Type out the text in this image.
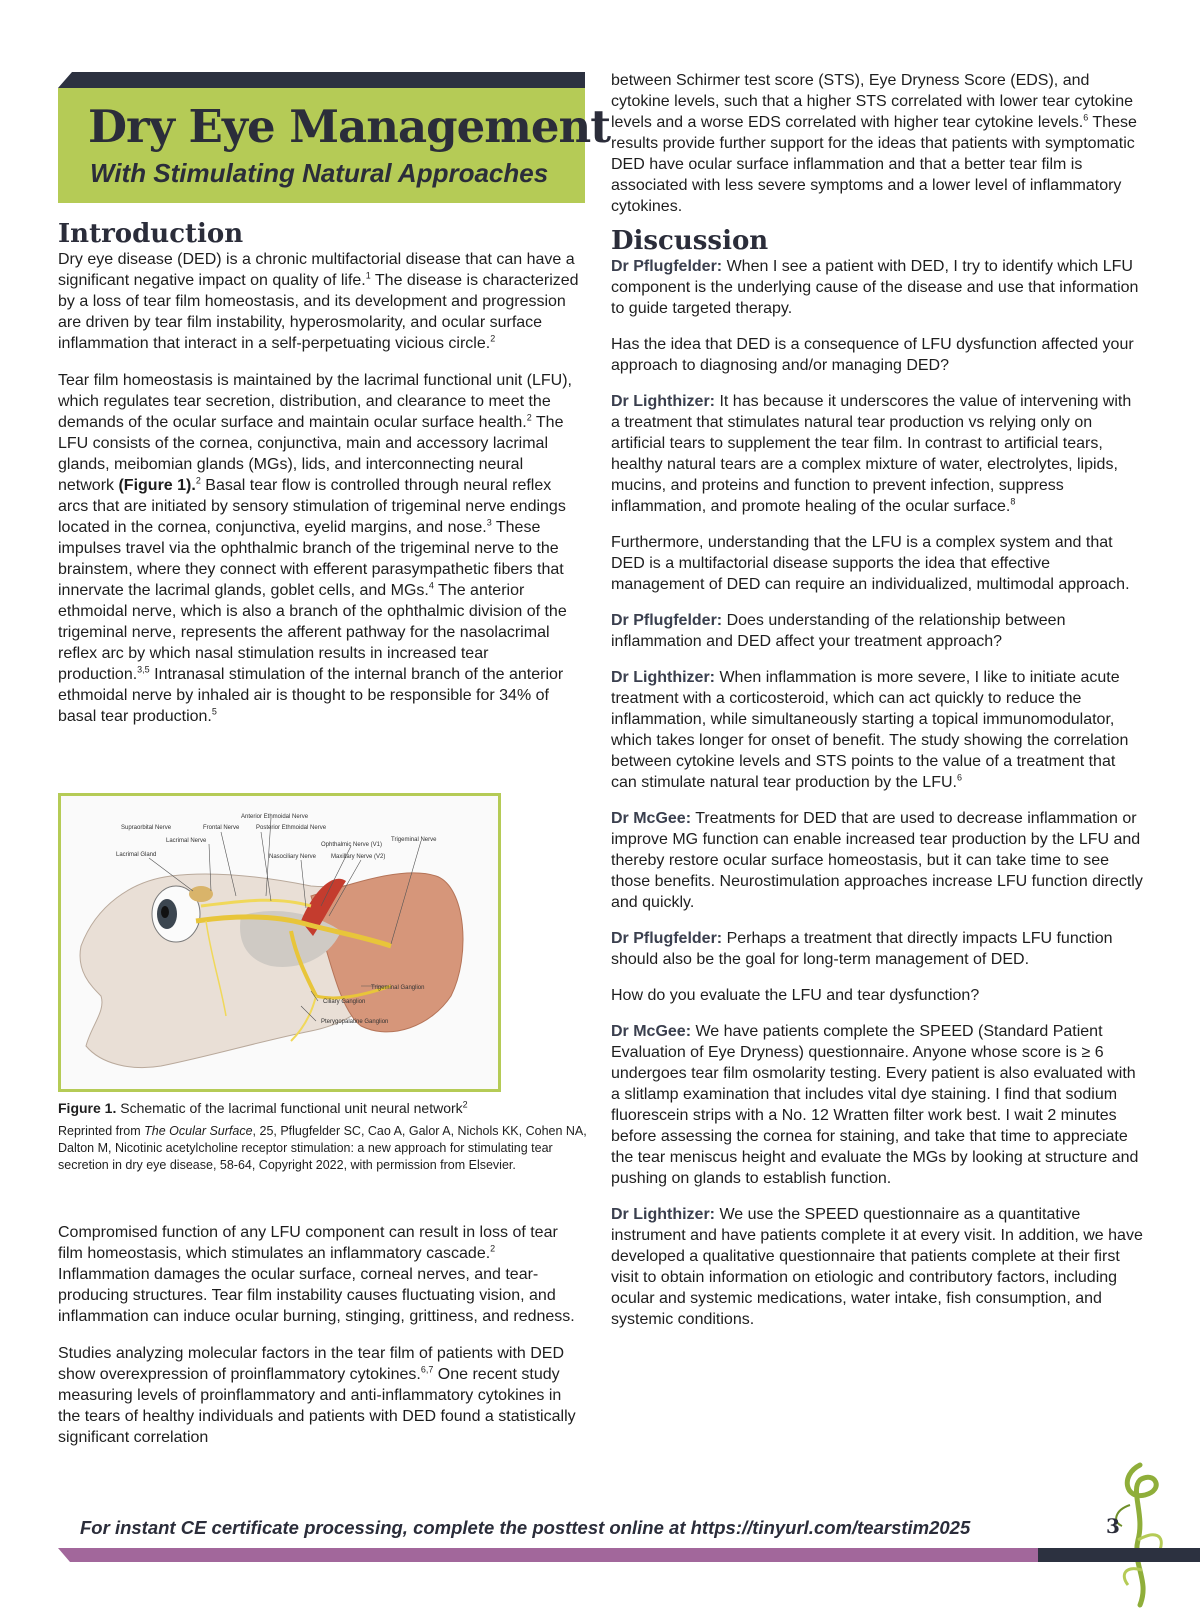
Dry Eye Management
With Stimulating Natural Approaches
Introduction

Dry eye disease (DED) is a chronic multifactorial disease that can have a significant negative impact on quality of life.$^1$ The disease is characterized by a loss of tear film homeostasis, and its development and progression are driven by tear film instability, hyperosmolarity, and ocular surface inflammation that interact in a self-perpetuating vicious circle.$^2$

Tear film homeostasis is maintained by the lacrimal functional unit (LFU), which regulates tear secretion, distribution, and clearance to meet the demands of the ocular surface and maintain ocular surface health.$^2$ The LFU consists of the cornea, conjunctiva, main and accessory lacrimal glands, meibomian glands (MGs), lids, and interconnecting neural network (Figure 1).$^2$ Basal tear flow is controlled through neural reflex arcs that are initiated by sensory stimulation of trigeminal nerve endings located in the cornea, conjunctiva, eyelid margins, and nose.$^3$ These impulses travel via the ophthalmic branch of the trigeminal nerve to the brainstem, where they connect with efferent parasympathetic fibers that innervate the lacrimal glands, goblet cells, and MGs.$^4$ The anterior ethmoidal nerve, which is also a branch of the ophthalmic division of the trigeminal nerve, represents the afferent pathway for the nasolacrimal reflex arc by which nasal stimulation results in increased tear production.$^{3,5}$ Intranasal stimulation of the internal branch of the anterior ethmoidal nerve by inhaled air is thought to be responsible for 34% of basal tear production.$^5$

Anterior Ethmoidal Nerve
Supraorbital Nerve	Frontal Nerve	Posterior Ethmoidal Nerve
Lacrimal Nerve	Trigeminal Nerve
Ophthalmic Nerve (V1)
Lacrimal Gland	Nasociliary Nerve Maxillary Nerve (V2)
Trigeminal Ganglion
Ciliary Ganglion
Pterygopalatine Ganglion
Figure 1. Schematic of the lacrimal functional unit neural network$^2$
Reprinted from The Ocular Surface, 25, Pflugfelder SC, Cao A, Galor A, Nichols KK, Cohen NA, Dalton M, Nicotinic acetylcholine receptor stimulation: a new approach for stimulating tear secretion in dry eye disease, 58-64, Copyright 2022, with permission from Elsevier.

Compromised function of any LFU component can result in loss of tear film homeostasis, which stimulates an inflammatory cascade.$^2$ Inflammation damages the ocular surface, corneal nerves, and tear-producing structures. Tear film instability causes fluctuating vision, and inflammation can induce ocular burning, stinging, grittiness, and redness.

Studies analyzing molecular factors in the tear film of patients with DED show overexpression of proinflammatory cytokines.$^{6,7}$ One recent study measuring levels of proinflammatory and anti-inflammatory cytokines in the tears of healthy individuals and patients with DED found a statistically significant correlation

between Schirmer test score (STS), Eye Dryness Score (EDS), and cytokine levels, such that a higher STS correlated with lower tear cytokine levels and a worse EDS correlated with higher tear cytokine levels.$^6$ These results provide further support for the ideas that patients with symptomatic DED have ocular surface inflammation and that a better tear film is associated with less severe symptoms and a lower level of inflammatory cytokines.

Discussion

Dr Pflugfelder: When I see a patient with DED, I try to identify which LFU component is the underlying cause of the disease and use that information to guide targeted therapy.

Has the idea that DED is a consequence of LFU dysfunction affected your approach to diagnosing and/or managing DED?

Dr Lighthizer: It has because it underscores the value of intervening with a treatment that stimulates natural tear production vs relying only on artificial tears to supplement the tear film. In contrast to artificial tears, healthy natural tears are a complex mixture of water, electrolytes, lipids, mucins, and proteins and function to prevent infection, suppress inflammation, and promote healing of the ocular surface.$^8$

Furthermore, understanding that the LFU is a complex system and that DED is a multifactorial disease supports the idea that effective management of DED can require an individualized, multimodal approach.

Dr Pflugfelder: Does understanding of the relationship between inflammation and DED affect your treatment approach?

Dr Lighthizer: When inflammation is more severe, I like to initiate acute treatment with a corticosteroid, which can act quickly to reduce the inflammation, while simultaneously starting a topical immunomodulator, which takes longer for onset of benefit. The study showing the correlation between cytokine levels and STS points to the value of a treatment that can stimulate natural tear production by the LFU.$^6$

Dr McGee: Treatments for DED that are used to decrease inflammation or improve MG function can enable increased tear production by the LFU and thereby restore ocular surface homeostasis, but it can take time to see those benefits. Neurostimulation approaches increase LFU function directly and quickly.

Dr Pflugfelder: Perhaps a treatment that directly impacts LFU function should also be the goal for long-term management of DED.

How do you evaluate the LFU and tear dysfunction?

Dr McGee: We have patients complete the SPEED (Standard Patient Evaluation of Eye Dryness) questionnaire. Anyone whose score is ≥ 6 undergoes tear film osmolarity testing. Every patient is also evaluated with a slitlamp examination that includes vital dye staining. I find that sodium fluorescein strips with a No. 12 Wratten filter work best. I wait 2 minutes before assessing the cornea for staining, and take that time to appreciate the tear meniscus height and evaluate the MGs by looking at structure and pushing on glands to establish function.

Dr Lighthizer: We use the SPEED questionnaire as a quantitative instrument and have patients complete it at every visit. In addition, we have developed a qualitative questionnaire that patients complete at their first visit to obtain information on etiologic and contributory factors, including ocular and systemic medications, water intake, fish consumption, and systemic conditions.

For instant CE certificate processing, complete the posttest online at https://tinyurl.com/tearstim2025	3
